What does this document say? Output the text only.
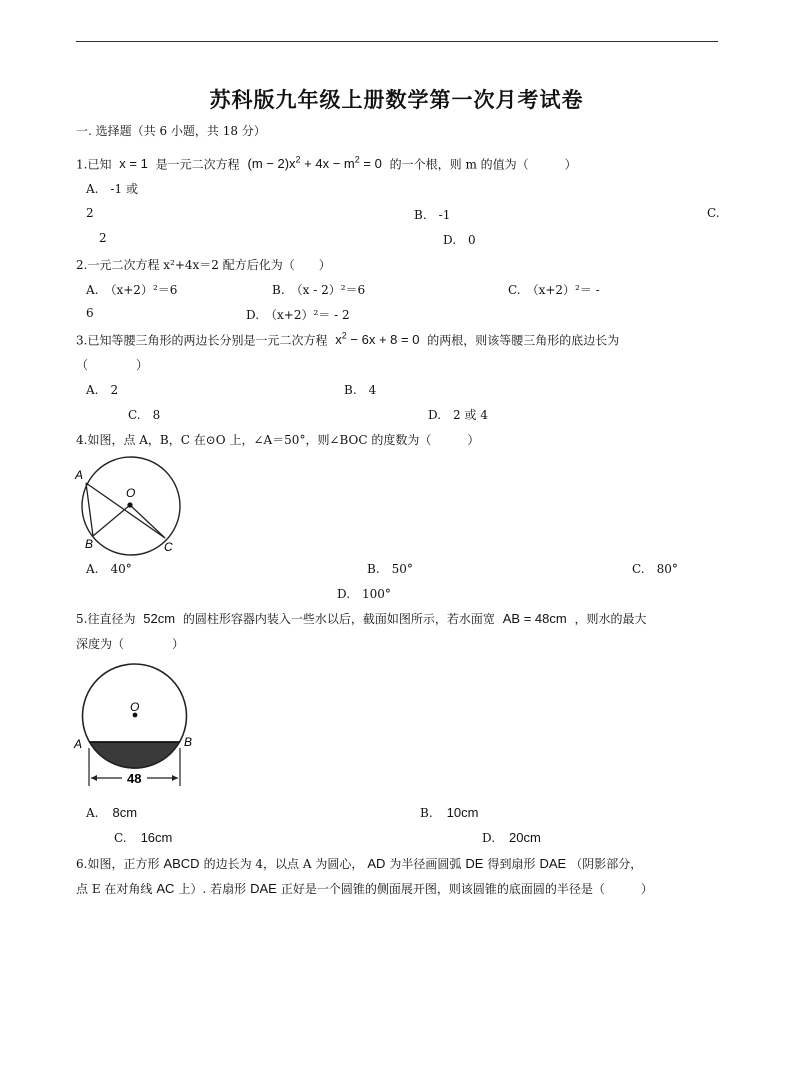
苏科版九年级上册数学第一次月考试卷
一. 选择题（共 6 小题，共 18 分）
1.已知 x = 1 是一元二次方程 $(m - 2)x^2 + 4x - m^2 = 0$ 的一个根，则 m 的值为（　　　）
A.　-1 或
2	B.　-1	C.
2	D.　0
2.一元二次方程 x²+4x＝2 配方后化为（　　）
A.　（x+2）²＝6	B.　（x - 2）²＝6	C.　（x+2）²＝ -
6	D.　（x+2）²＝ - 2
3.已知等腰三角形的两边长分别是一元二次方程 $x^2 - 6x + 8 = 0$ 的两根，则该等腰三角形的底边长为
（　　　　）
A.　2	B.　4
C.　8	D.　2 或 4
4.如图，点 A，B，C 在⊙O 上，∠A＝50°，则∠BOC 的度数为（　　　）
A
B	C
O
A.　40°	B.　50°	C.　80°
D.　100°
5.往直径为 52cm 的圆柱形容器内装入一些水以后，截面如图所示，若水面宽 AB = 48cm ，则水的最大
深度为（　　　　）
48
O
A	B
A. 8cm	B. 10cm
C. 16cm	D. 20cm
6.如图，正方形 ABCD 的边长为 4，以点 A 为圆心， AD 为半径画圆弧 DE 得到扇形 DAE （阴影部分，
点 E 在对角线 AC 上）. 若扇形 DAE 正好是一个圆锥的侧面展开图，则该圆锥的底面圆的半径是（　　　）
